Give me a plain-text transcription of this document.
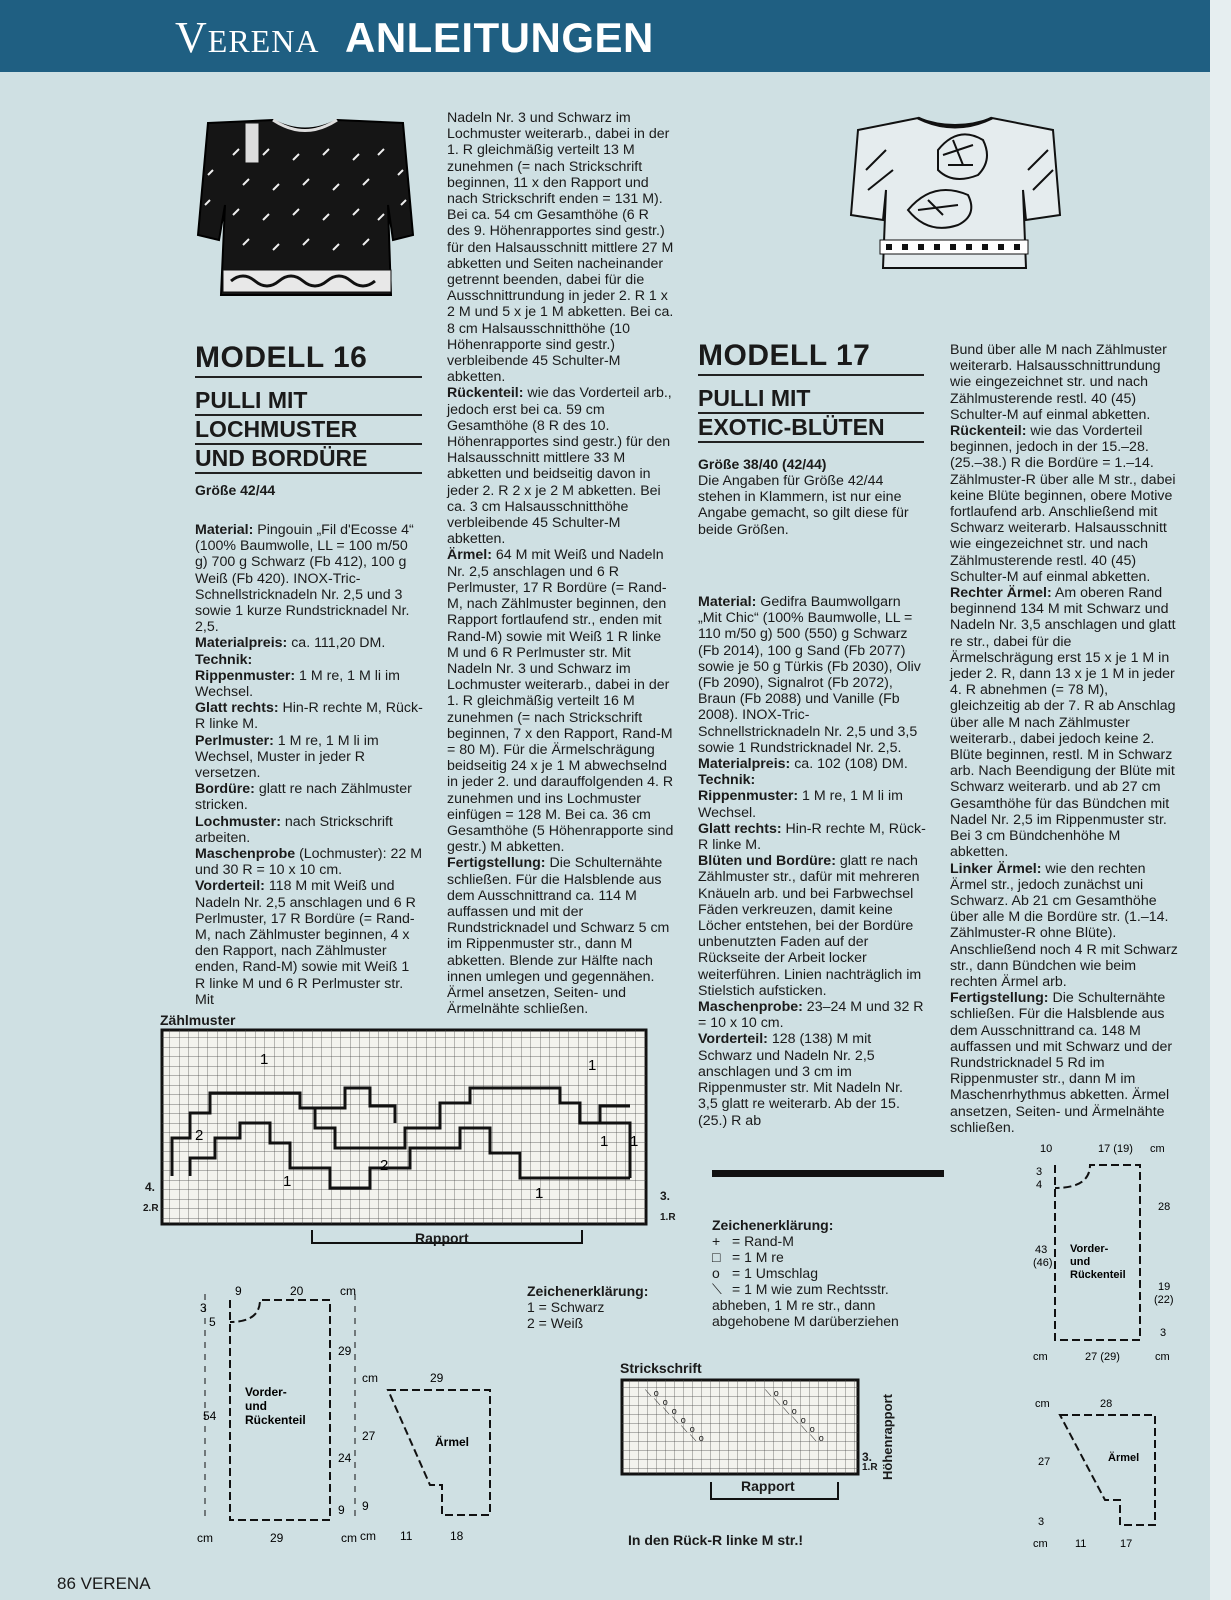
VERENA ANLEITUNGEN
MODELL 16
PULLI MIT
LOCHMUSTER
UND BORDÜRE
Größe 42/44

Material: Pingouin „Fil d'Ecosse 4“ (100% Baumwolle, LL = 100 m/50 g) 700 g Schwarz (Fb 412), 100 g Weiß (Fb 420). INOX-Tric-Schnellstricknadeln Nr. 2,5 und 3 sowie 1 kurze Rundstricknadel Nr. 2,5.

Materialpreis: ca. 111,20 DM.

Technik:

Rippenmuster: 1 M re, 1 M li im Wechsel.

Glatt rechts: Hin-R rechte M, Rück-R linke M.

Perlmuster: 1 M re, 1 M li im Wechsel, Muster in jeder R versetzen.

Bordüre: glatt re nach Zählmuster stricken.

Lochmuster: nach Strickschrift arbeiten.

Maschenprobe (Lochmuster): 22 M und 30 R = 10 x 10 cm.

Vorderteil: 118 M mit Weiß und Nadeln Nr. 2,5 anschlagen und 6 R Perlmuster, 17 R Bordüre (= Rand-M, nach Zählmuster beginnen, 4 x den Rapport, nach Zählmuster enden, Rand-M) sowie mit Weiß 1 R linke M und 6 R Perlmuster str. Mit

Nadeln Nr. 3 und Schwarz im Lochmuster weiterarb., dabei in der 1. R gleichmäßig verteilt 13 M zunehmen (= nach Strickschrift beginnen, 11 x den Rapport und nach Strickschrift enden = 131 M). Bei ca. 54 cm Gesamthöhe (6 R des 9. Höhenrapportes sind gestr.) für den Halsausschnitt mittlere 27 M abketten und Seiten nacheinander getrennt beenden, dabei für die Ausschnittrundung in jeder 2. R 1 x 2 M und 5 x je 1 M abketten. Bei ca. 8 cm Halsausschnitthöhe (10 Höhenrapporte sind gestr.) verbleibende 45 Schulter-M abketten.

Rückenteil: wie das Vorderteil arb., jedoch erst bei ca. 59 cm Gesamthöhe (8 R des 10. Höhenrapportes sind gestr.) für den Halsausschnitt mittlere 33 M abketten und beidseitig davon in jeder 2. R 2 x je 2 M abketten. Bei ca. 3 cm Halsausschnitthöhe verbleibende 45 Schulter-M abketten.

Ärmel: 64 M mit Weiß und Nadeln Nr. 2,5 anschlagen und 6 R Perlmuster, 17 R Bordüre (= Rand-M, nach Zählmuster beginnen, den Rapport fortlaufend str., enden mit Rand-M) sowie mit Weiß 1 R linke M und 6 R Perlmuster str. Mit Nadeln Nr. 3 und Schwarz im Lochmuster weiterarb., dabei in der 1. R gleichmäßig verteilt 16 M zunehmen (= nach Strickschrift beginnen, 7 x den Rapport, Rand-M = 80 M). Für die Ärmelschrägung beidseitig 24 x je 1 M abwechselnd in jeder 2. und darauffolgenden 4. R zunehmen und ins Lochmuster einfügen = 128 M. Bei ca. 36 cm Gesamthöhe (5 Höhenrapporte sind gestr.) M abketten.

Fertigstellung: Die Schulternähte schließen. Für die Halsblende aus dem Ausschnittrand ca. 114 M auffassen und mit der Rundstricknadel und Schwarz 5 cm im Rippenmuster str., dann M abketten. Blende zur Hälfte nach innen umlegen und gegennähen. Ärmel ansetzen, Seiten- und Ärmelnähte schließen.

MODELL 17
PULLI MIT
EXOTIC-BLÜTEN
Größe 38/40 (42/44)
Die Angaben für Größe 42/44 stehen in Klammern, ist nur eine Angabe gemacht, so gilt diese für beide Größen.

Material: Gedifra Baumwollgarn „Mit Chic“ (100% Baumwolle, LL = 110 m/50 g) 500 (550) g Schwarz (Fb 2014), 100 g Sand (Fb 2077) sowie je 50 g Türkis (Fb 2030), Oliv (Fb 2090), Signalrot (Fb 2072), Braun (Fb 2088) und Vanille (Fb 2008). INOX-Tric-Schnellstricknadeln Nr. 2,5 und 3,5 sowie 1 Rundstricknadel Nr. 2,5.

Materialpreis: ca. 102 (108) DM.

Technik:

Rippenmuster: 1 M re, 1 M li im Wechsel.

Glatt rechts: Hin-R rechte M, Rück-R linke M.

Blüten und Bordüre: glatt re nach Zählmuster str., dafür mit mehreren Knäueln arb. und bei Farbwechsel Fäden verkreuzen, damit keine Löcher entstehen, bei der Bordüre unbenutzten Faden auf der Rückseite der Arbeit locker weiterführen. Linien nachträglich im Stielstich aufsticken.

Maschenprobe: 23–24 M und 32 R = 10 x 10 cm.

Vorderteil: 128 (138) M mit Schwarz und Nadeln Nr. 2,5 anschlagen und 3 cm im Rippenmuster str. Mit Nadeln Nr. 3,5 glatt re weiterarb. Ab der 15. (25.) R ab

Bund über alle M nach Zählmuster weiterarb. Halsausschnittrundung wie eingezeichnet str. und nach Zählmusterende restl. 40 (45) Schulter-M auf einmal abketten.

Rückenteil: wie das Vorderteil beginnen, jedoch in der 15.–28. (25.–38.) R die Bordüre = 1.–14. Zählmuster-R über alle M str., dabei keine Blüte beginnen, obere Motive fortlaufend arb. Anschließend mit Schwarz weiterarb. Halsausschnitt wie eingezeichnet str. und nach Zählmusterende restl. 40 (45) Schulter-M auf einmal abketten.

Rechter Ärmel: Am oberen Rand beginnend 134 M mit Schwarz und Nadeln Nr. 3,5 anschlagen und glatt re str., dabei für die Ärmelschrägung erst 15 x je 1 M in jeder 2. R, dann 13 x je 1 M in jeder 4. R abnehmen (= 78 M), gleichzeitig ab der 7. R ab Anschlag über alle M nach Zählmuster weiterarb., dabei jedoch keine 2. Blüte beginnen, restl. M in Schwarz arb. Nach Beendigung der Blüte mit Schwarz weiterarb. und ab 27 cm Gesamthöhe für das Bündchen mit Nadel Nr. 2,5 im Rippenmuster str. Bei 3 cm Bündchenhöhe M abketten.

Linker Ärmel: wie den rechten Ärmel str., jedoch zunächst uni Schwarz. Ab 21 cm Gesamthöhe über alle M die Bordüre str. (1.–14. Zählmuster-R ohne Blüte). Anschließend noch 4 R mit Schwarz str., dann Bündchen wie beim rechten Ärmel arb.

Fertigstellung: Die Schulternähte schließen. Für die Halsblende aus dem Ausschnittrand ca. 148 M auffassen und mit Schwarz und der Rundstricknadel 5 Rd im Rippenmuster str., dann M im Maschenrhythmus abketten. Ärmel ansetzen, Seiten- und Ärmelnähte schließen.

Zählmuster
1	1
2
2
1
1
1
1
4.
2.R
3.
1.R
Rapport
Zeichenerklärung:
1 = Schwarz
2 = Weiß
9	20	cm
3
5
54
29
24
9
Vorder-
und
Rückenteil
cm	29	cm
cm	29
27
9
Ärmel
cm 11	18
Zeichenerklärung:
+ = Rand-M
□ = 1 M re
o = 1 Umschlag
⟍ = 1 M wie zum Rechtsstr. abheben, 1 M re str., dann abgehobene M darüberziehen
Strickschrift
⟍ o
⟍ o
⟍ o
⟍ o
⟍ o
⟍ o
⟍ o
⟍ o
⟍ o
⟍ o
⟍ o
⟍ o
3.
1.R Höhenrapport
Rapport
In den Rück-R linke M str.!
10	17 (19) cm
3
4
43
(46)
28
19
(22)
3
Vorder-
und
Rückenteil
cm	27 (29)	cm
cm	28
27
3
Ärmel
cm 11	17
86 VERENA
